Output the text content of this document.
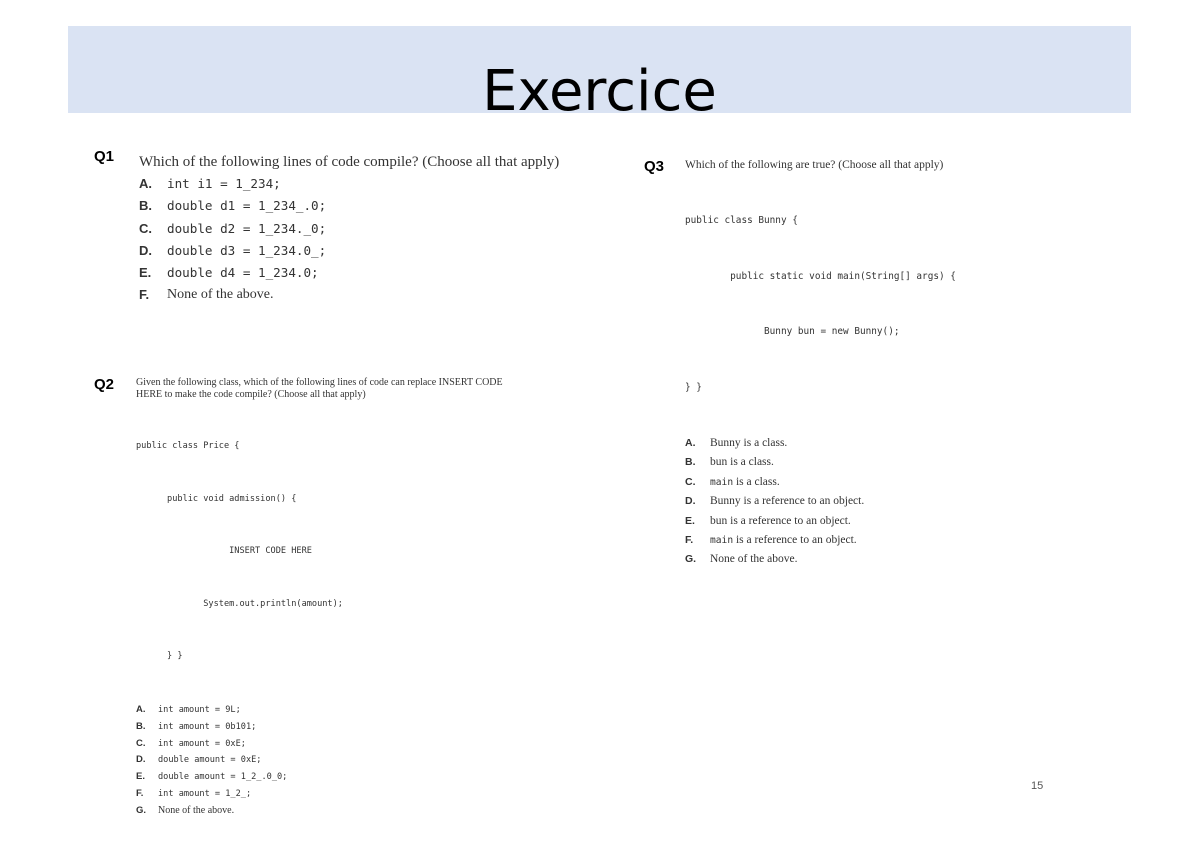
Exercice
Q1
Q2
Q3

Which of the following lines of code compile? (Choose all that apply)

A. int i1 = 1_234;
B. double d1 = 1_234_.0;
C. double d2 = 1_234._0;
D. double d3 = 1_234.0_;
E. double d4 = 1_234.0;
F. None of the above.

Given the following class, which of the following lines of code can replace INSERT CODE

HERE to make the code compile? (Choose all that apply)

public class Price {

public void admission() {

INSERT CODE HERE

System.out.println(amount);

} }

A. int amount = 9L;
B. int amount = 0b101;
C. int amount = 0xE;
D. double amount = 0xE;
E. double amount = 1_2_.0_0;
F. int amount = 1_2_;
G. None of the above.

Which of the following are true? (Choose all that apply)

public class Bunny {

public static void main(String[] args) {

Bunny bun = new Bunny();

} }

A. Bunny is a class.
B. bun is a class.
C. main is a class.
D. Bunny is a reference to an object.
E. bun is a reference to an object.
F. main is a reference to an object.
G. None of the above.
15
